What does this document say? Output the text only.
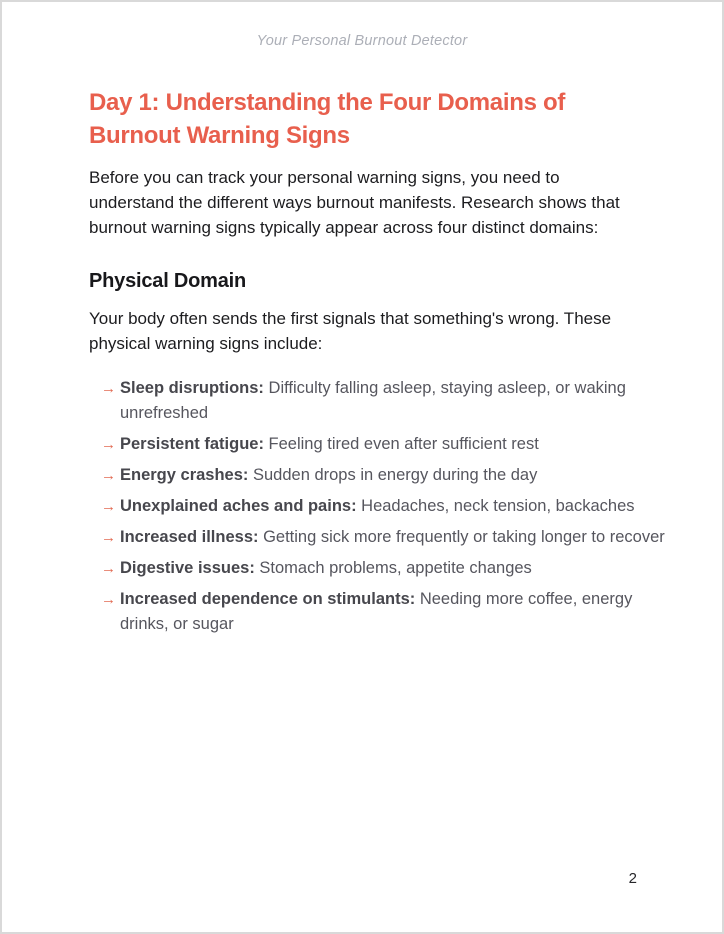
Your Personal Burnout Detector
Day 1: Understanding the Four Domains of Burnout Warning Signs

Before you can track your personal warning signs, you need to understand the different ways burnout manifests. Research shows that burnout warning signs typically appear across four distinct domains:

Physical Domain

Your body often sends the first signals that something's wrong. These physical warning signs include:

→ Sleep disruptions: Difficulty falling asleep, staying asleep, or waking unrefreshed
→ Persistent fatigue: Feeling tired even after sufficient rest
→ Energy crashes: Sudden drops in energy during the day
→ Unexplained aches and pains: Headaches, neck tension, backaches
→ Increased illness: Getting sick more frequently or taking longer to recover
→ Digestive issues: Stomach problems, appetite changes
→ Increased dependence on stimulants: Needing more coffee, energy drinks, or sugar
2
